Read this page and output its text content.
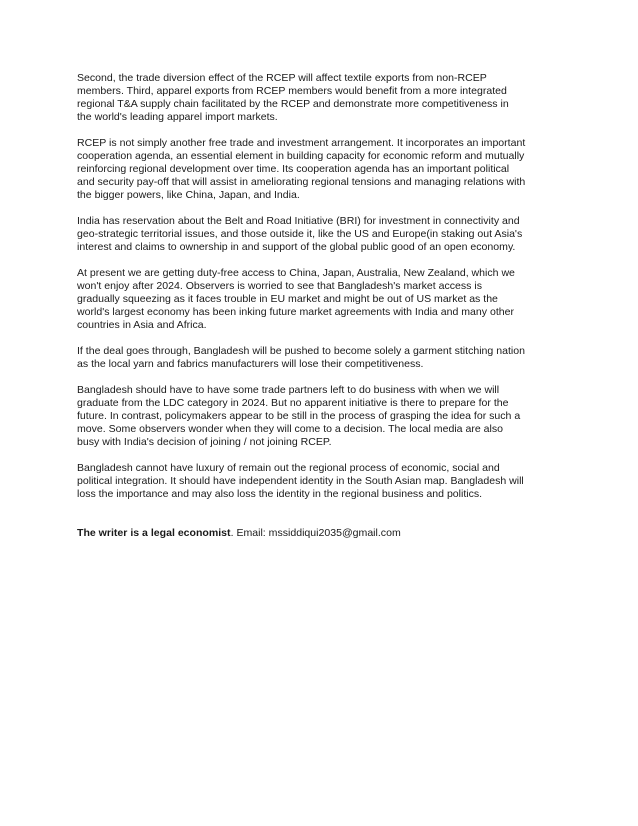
Second, the trade diversion effect of the RCEP will affect textile exports from non-RCEP
members. Third, apparel exports from RCEP members would benefit from a more integrated
regional T&A supply chain facilitated by the RCEP and demonstrate more competitiveness in
the world's leading apparel import markets.

RCEP is not simply another free trade and investment arrangement. It incorporates an important
cooperation agenda, an essential element in building capacity for economic reform and mutually
reinforcing regional development over time. Its cooperation agenda has an important political
and security pay-off that will assist in ameliorating regional tensions and managing relations with
the bigger powers, like China, Japan, and India.

India has reservation about the Belt and Road Initiative (BRI) for investment in connectivity and
geo-strategic territorial issues, and those outside it, like the US and Europe(in staking out Asia's
interest and claims to ownership in and support of the global public good of an open economy.

At present we are getting duty-free access to China, Japan, Australia, New Zealand, which we
won't enjoy after 2024. Observers is worried to see that Bangladesh's market access is
gradually squeezing as it faces trouble in EU market and might be out of US market as the
world's largest economy has been inking future market agreements with India and many other
countries in Asia and Africa.

If the deal goes through, Bangladesh will be pushed to become solely a garment stitching nation
as the local yarn and fabrics manufacturers will lose their competitiveness.

Bangladesh should have to have some trade partners left to do business with when we will
graduate from the LDC category in 2024. But no apparent initiative is there to prepare for the
future. In contrast, policymakers appear to be still in the process of grasping the idea for such a
move. Some observers wonder when they will come to a decision. The local media are also
busy with India's decision of joining / not joining RCEP.

Bangladesh cannot have luxury of remain out the regional process of economic, social and
political integration. It should have independent identity in the South Asian map. Bangladesh will
loss the importance and may also loss the identity in the regional business and politics.

The writer is a legal economist. Email: mssiddiqui2035@gmail.com
